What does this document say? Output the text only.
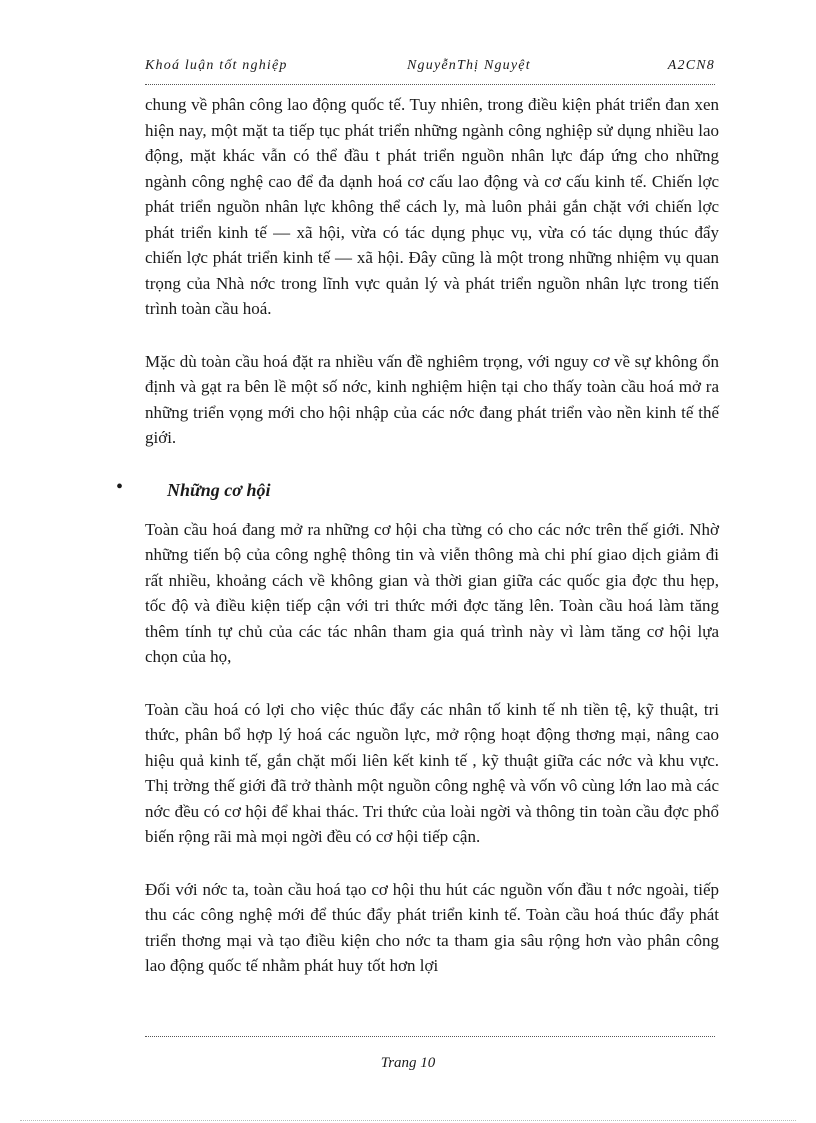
Khoá luận tốt nghiệp	NguyễnThị Nguyệt	A2CN8

chung về phân công lao động quốc tế. Tuy nhiên, trong điều kiện phát triển đan xen hiện nay, một mặt ta tiếp tục phát triển những ngành công nghiệp sử dụng nhiều lao động, mặt khác vẫn có thể đầu t phát triển nguồn nhân lực đáp ứng cho những ngành công nghệ cao để đa dạnh hoá cơ cấu lao động và cơ cấu kinh tế. Chiến lợc phát triển nguồn nhân lực không thể cách ly, mà luôn phải gắn chặt với chiến lợc phát triển kinh tế — xã hội, vừa có tác dụng phục vụ, vừa có tác dụng thúc đẩy chiến lợc phát triển kinh tế — xã hội. Đây cũng là một trong những nhiệm vụ quan trọng của Nhà nớc trong lĩnh vực quản lý và phát triển nguồn nhân lực trong tiến trình toàn cầu hoá.

Mặc dù toàn cầu hoá đặt ra nhiều vấn đề nghiêm trọng, với nguy cơ về sự không ổn định và gạt ra bên lề một số nớc, kinh nghiệm hiện tại cho thấy toàn cầu hoá mở ra những triển vọng mới cho hội nhập của các nớc đang phát triển vào nền kinh tế thế giới.

• Những cơ hội

Toàn cầu hoá đang mở ra những cơ hội cha từng có cho các nớc trên thế giới. Nhờ những tiến bộ của công nghệ thông tin và viễn thông mà chi phí giao dịch giảm đi rất nhiều, khoảng cách về không gian và thời gian giữa các quốc gia đợc thu hẹp, tốc độ và điều kiện tiếp cận với tri thức mới đợc tăng lên. Toàn cầu hoá làm tăng thêm tính tự chủ của các tác nhân tham gia quá trình này vì làm tăng cơ hội lựa chọn của họ,

Toàn cầu hoá có lợi cho việc thúc đẩy các nhân tố kinh tế nh tiền tệ, kỹ thuật, tri thức, phân bổ hợp lý hoá các nguồn lực, mở rộng hoạt động thơng mại, nâng cao hiệu quả kinh tế, gắn chặt mối liên kết kinh tế , kỹ thuật giữa các nớc và khu vực. Thị trờng thế giới đã trở thành một nguồn công nghệ và vốn vô cùng lớn lao mà các nớc đều có cơ hội để khai thác. Tri thức của loài ngời và thông tin toàn cầu đợc phổ biến rộng rãi mà mọi ngời đều có cơ hội tiếp cận.

Đối với nớc ta, toàn cầu hoá tạo cơ hội thu hút các nguồn vốn đầu t nớc ngoài, tiếp thu các công nghệ mới để thúc đẩy phát triển kinh tế. Toàn cầu hoá thúc đẩy phát triển thơng mại và tạo điều kiện cho nớc ta tham gia sâu rộng hơn vào phân công lao động quốc tế nhằm phát huy tốt hơn lợi

Trang 10
